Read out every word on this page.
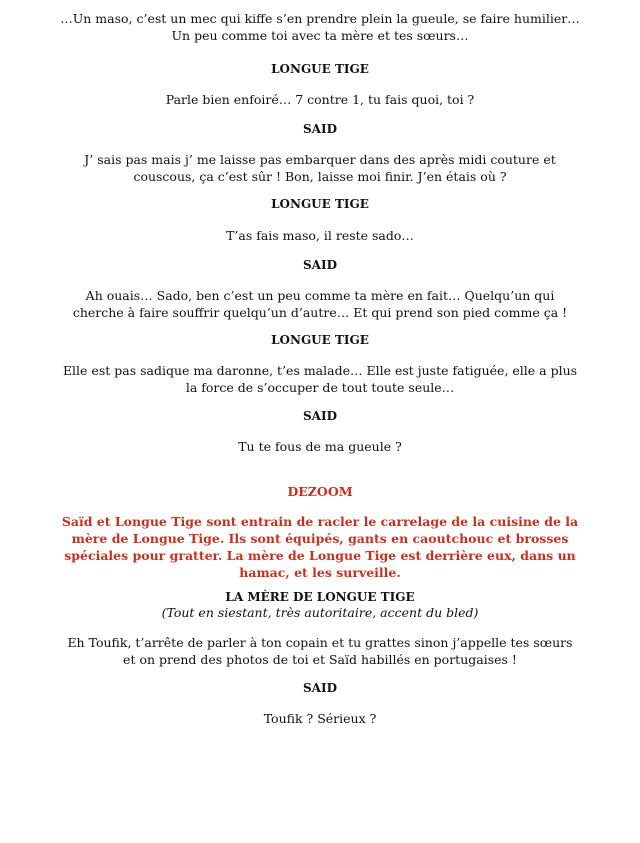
…Un maso, c’est un mec qui kiffe s’en prendre plein la gueule, se faire humilier… Un peu comme toi avec ta mère et tes sœurs…

LONGUE TIGE

Parle bien enfoiré… 7 contre 1, tu fais quoi, toi ?

SAID

J’ sais pas mais j’ me laisse pas embarquer dans des après midi couture et couscous, ça c’est sûr ! Bon, laisse moi finir. J’en étais où ?

LONGUE TIGE

T’as fais maso, il reste sado…

SAID

Ah ouais… Sado, ben c’est un peu comme ta mère en fait… Quelqu’un qui cherche à faire souffrir quelqu’un d’autre… Et qui prend son pied comme ça !

LONGUE TIGE

Elle est pas sadique ma daronne, t’es malade… Elle est juste fatiguée, elle a plus la force de s’occuper de tout toute seule…

SAID

Tu te fous de ma gueule ?

DEZOOM

Saïd et Longue Tige sont entrain de racler le carrelage de la cuisine de la mère de Longue Tige. Ils sont équipés, gants en caoutchouc et brosses spéciales pour gratter. La mère de Longue Tige est derrière eux, dans un hamac, et les surveille.

LA MÈRE DE LONGUE TIGE

(Tout en siestant, très autoritaire, accent du bled)

Eh Toufik, t’arrête de parler à ton copain et tu grattes sinon j’appelle tes sœurs et on prend des photos de toi et Saïd habillés en portugaises !

SAID

Toufik ? Sérieux ?
